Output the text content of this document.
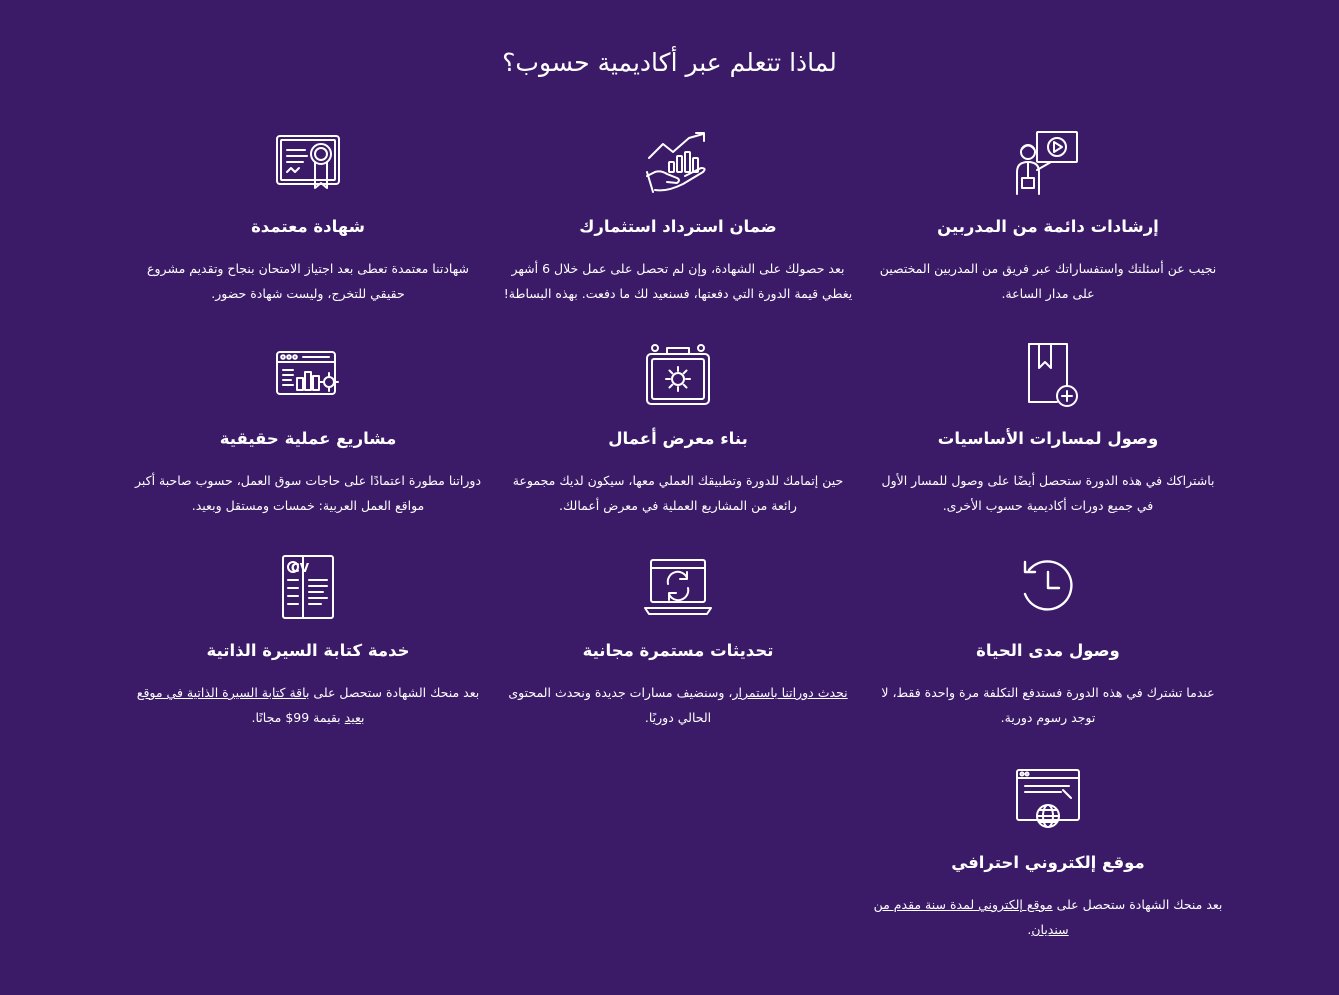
لماذا تتعلم عبر أكاديمية حسوب؟
إرشادات دائمة من المدربين

نجيب عن أسئلتك واستفساراتك عبر فريق من المدربين المختصين على مدار الساعة.

ضمان استرداد استثمارك

بعد حصولك على الشهادة، وإن لم تحصل على عمل خلال 6 أشهر يغطي قيمة الدورة التي دفعتها، فسنعيد لك ما دفعت. بهذه البساطة!

شهادة معتمدة

شهادتنا معتمدة تعطى بعد اجتياز الامتحان بنجاح وتقديم مشروع حقيقي للتخرج، وليست شهادة حضور.

وصول لمسارات الأساسيات

باشتراكك في هذه الدورة ستحصل أيضًا على وصول للمسار الأول في جميع دورات أكاديمية حسوب الأخرى.

بناء معرض أعمال

حين إتمامك للدورة وتطبيقك العملي معها، سيكون لديك مجموعة رائعة من المشاريع العملية في معرض أعمالك.

مشاريع عملية حقيقية

دوراتنا مطورة اعتمادًا على حاجات سوق العمل، حسوب صاحبة أكبر مواقع العمل العربية: خمسات ومستقل وبعيد.

وصول مدى الحياة

عندما تشترك في هذه الدورة فستدفع التكلفة مرة واحدة فقط، لا توجد رسوم دورية.

تحديثات مستمرة مجانية

نحدث دوراتنا باستمرار، وسنضيف مسارات جديدة ونحدث المحتوى الحالي دوريًا.

CV
خدمة كتابة السيرة الذاتية

بعد منحك الشهادة ستحصل على باقة كتابة السيرة الذاتية في موقع بعيد بقيمة 99$ مجانًا.

موقع إلكتروني احترافي

بعد منحك الشهادة ستحصل على موقع إلكتروني لمدة سنة مقدم من سنديان.
